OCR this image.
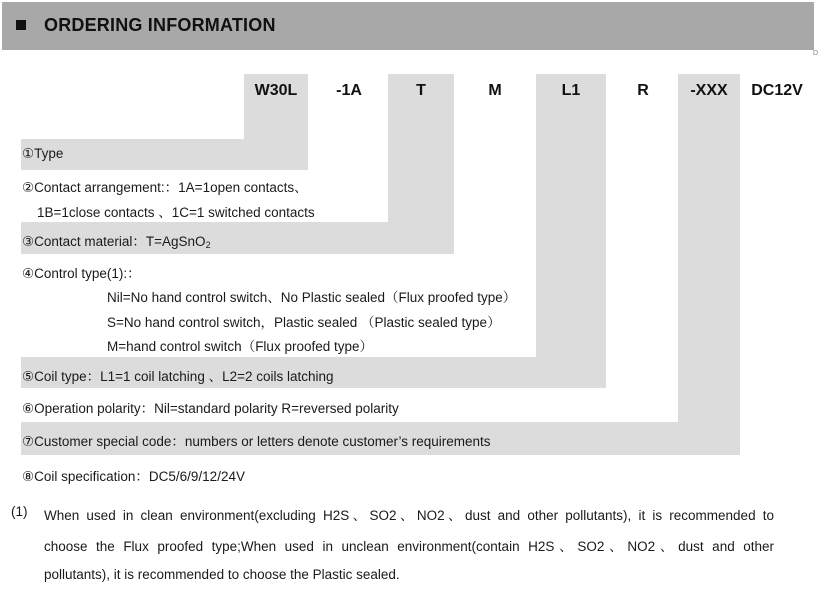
ORDERING INFORMATION
D
W30L	-1A	T	M	L1	R	-XXX	DC12V
①Type
②Contact arrangement:：1A=1open contacts、
1B=1close contacts 、1C=1 switched contacts
③Contact material：T=AgSnO$_2$
④Control type(1):：
Nil=No hand control switch、No Plastic sealed（Flux proofed type）
S=No hand control switch，Plastic sealed （Plastic sealed type）
M=hand control switch（Flux proofed type）
⑤Coil type：L1=1 coil latching 、L2=2 coils latching
⑥Operation polarity：Nil=standard polarity R=reversed polarity
⑦Customer special code：numbers or letters denote customer’s requirements
⑧Coil specification：DC5/6/9/12/24V
(1) When used in clean environment(excluding H2S、SO2、NO2、dust and other pollutants), it is recommended to
choose the Flux proofed type;When used in unclean environment(contain H2S、SO2、NO2、dust and other
pollutants), it is recommended to choose the Plastic sealed.
